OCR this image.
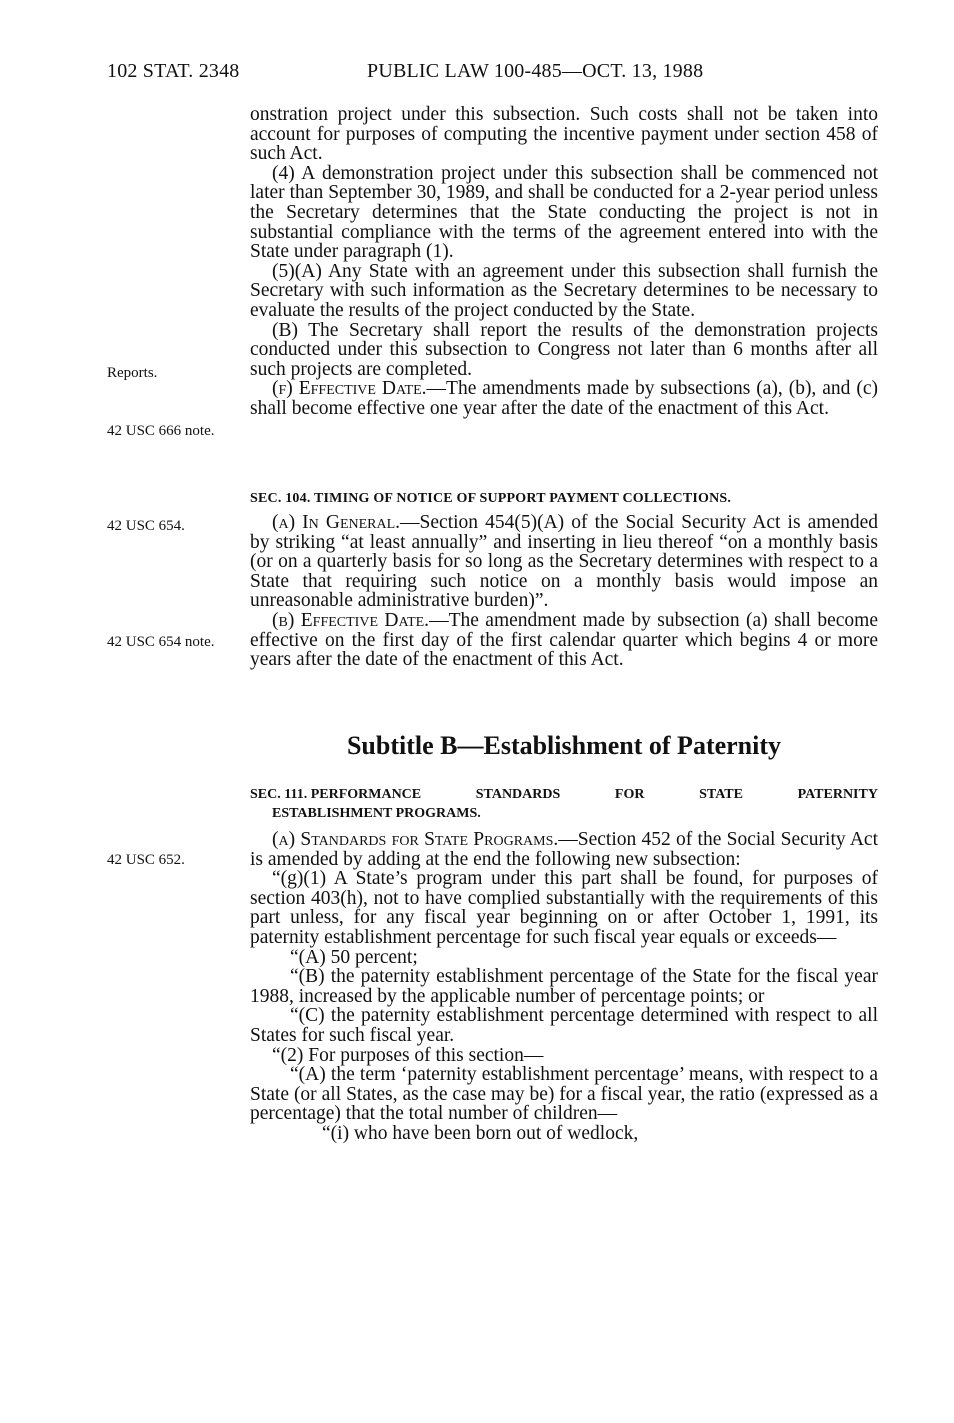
102 STAT. 2348	PUBLIC LAW 100-485—OCT. 13, 1988
Reports.
42 USC 666 note.
42 USC 654.
42 USC 654 note.
42 USC 652.

onstration project under this subsection. Such costs shall not be taken into account for purposes of computing the incentive payment under section 458 of such Act.

(4) A demonstration project under this subsection shall be commenced not later than September 30, 1989, and shall be conducted for a 2-year period unless the Secretary determines that the State conducting the project is not in substantial compliance with the terms of the agreement entered into with the State under paragraph (1).

(5)(A) Any State with an agreement under this subsection shall furnish the Secretary with such information as the Secretary determines to be necessary to evaluate the results of the project conducted by the State.

(B) The Secretary shall report the results of the demonstration projects conducted under this subsection to Congress not later than 6 months after all such projects are completed.

(f) Effective Date.—The amendments made by subsections (a), (b), and (c) shall become effective one year after the date of the enactment of this Act.

SEC. 104. TIMING OF NOTICE OF SUPPORT PAYMENT COLLECTIONS.

(a) In General.—Section 454(5)(A) of the Social Security Act is amended by striking “at least annually” and inserting in lieu thereof “on a monthly basis (or on a quarterly basis for so long as the Secretary determines with respect to a State that requiring such notice on a monthly basis would impose an unreasonable administrative burden)”.

(b) Effective Date.—The amendment made by subsection (a) shall become effective on the first day of the first calendar quarter which begins 4 or more years after the date of the enactment of this Act.

Subtitle B—Establishment of Paternity
SEC. 111. PERFORMANCE	STANDARDS	FOR	STATE	PATERNITY
ESTABLISHMENT PROGRAMS.

(a) Standards for State Programs.—Section 452 of the Social Security Act is amended by adding at the end the following new subsection:

“(g)(1) A State’s program under this part shall be found, for purposes of section 403(h), not to have complied substantially with the requirements of this part unless, for any fiscal year beginning on or after October 1, 1991, its paternity establishment percentage for such fiscal year equals or exceeds—

“(A) 50 percent;

“(B) the paternity establishment percentage of the State for the fiscal year 1988, increased by the applicable number of percentage points; or

“(C) the paternity establishment percentage determined with respect to all States for such fiscal year.

“(2) For purposes of this section—

“(A) the term ‘paternity establishment percentage’ means, with respect to a State (or all States, as the case may be) for a fiscal year, the ratio (expressed as a percentage) that the total number of children—

“(i) who have been born out of wedlock,
